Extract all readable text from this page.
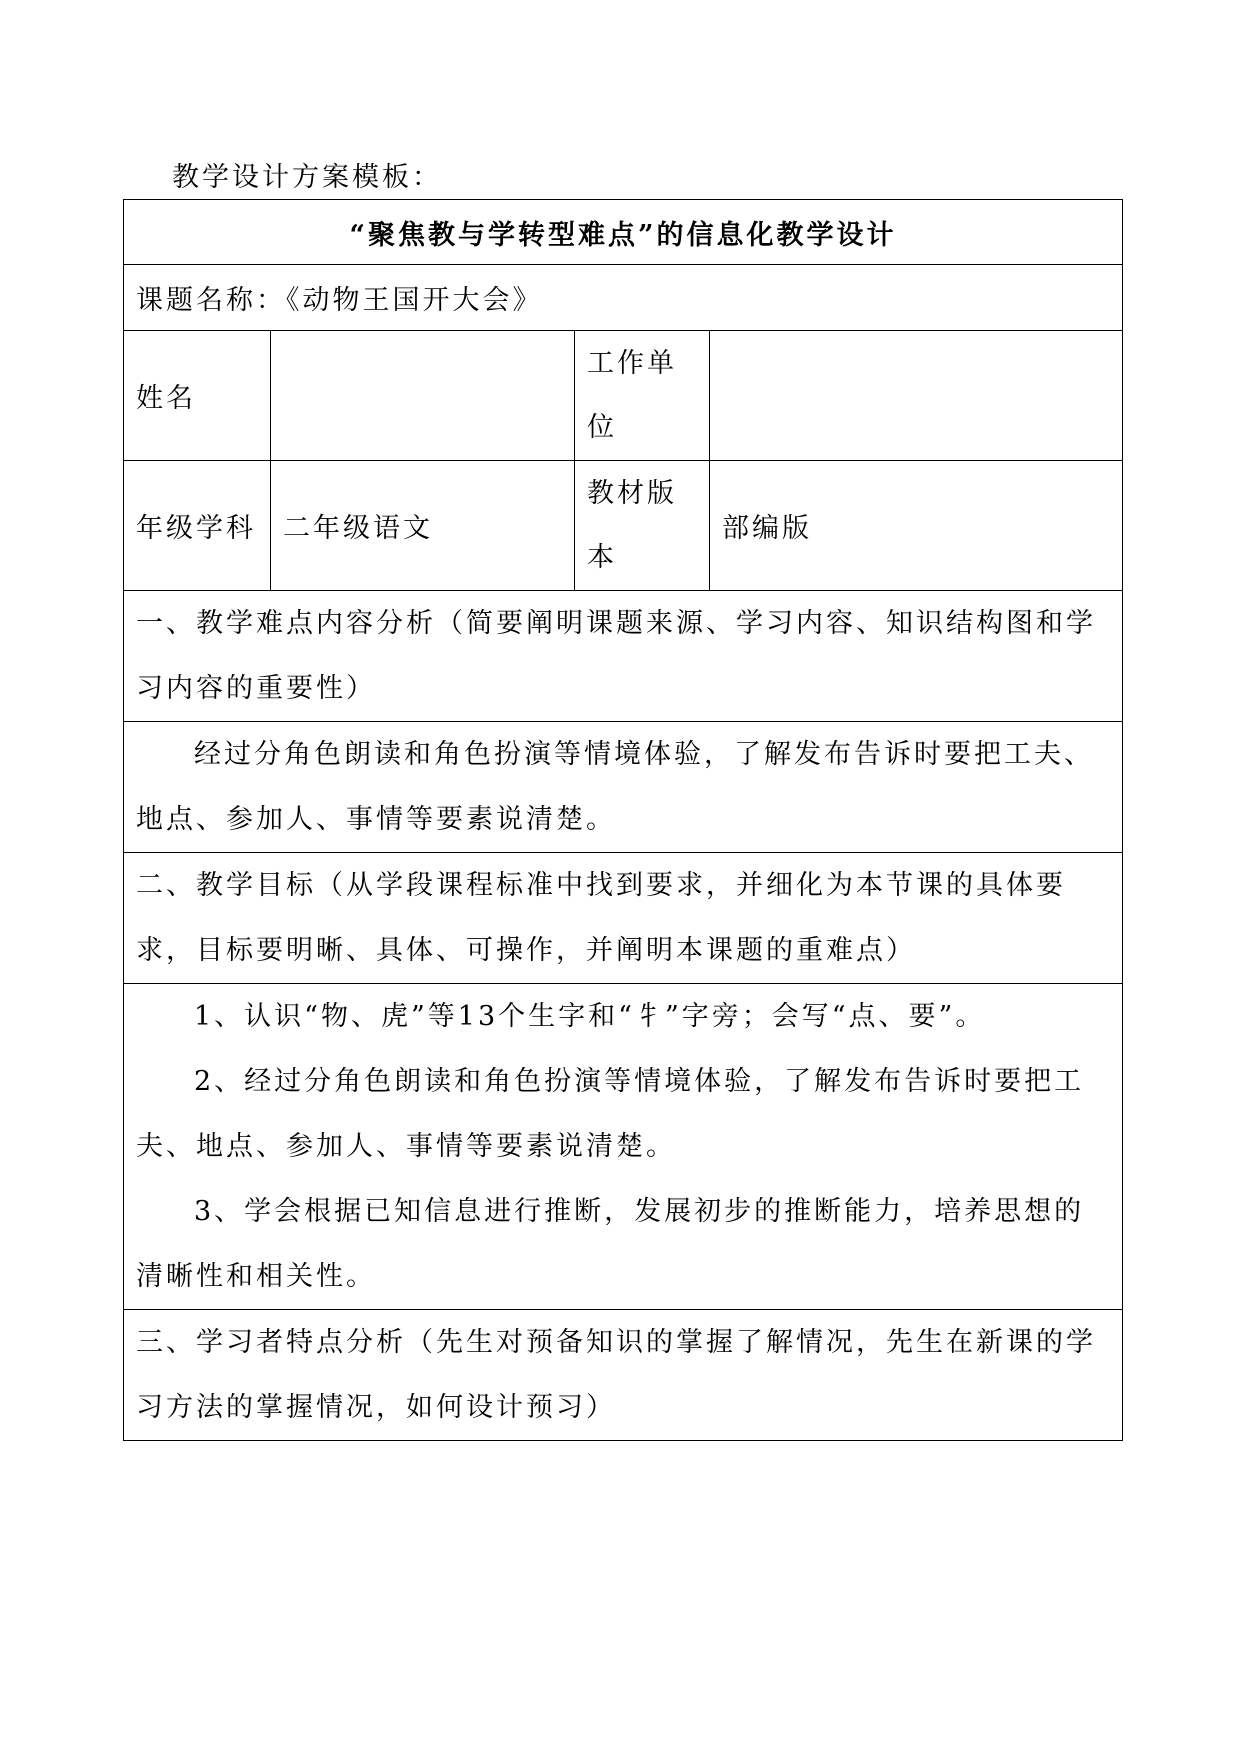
教学设计方案模板：
“聚焦教与学转型难点”的信息化教学设计			
课题名称：《动物王国开大会》			
姓名		工作单位	
年级学科	二年级语文	教材版本	部编版
一、教学难点内容分析（简要阐明课题来源、学习内容、知识结构图和学习内容的重要性）			

经过分角色朗读和角色扮演等情境体验，了解发布告诉时要把工夫、地点、参加人、事情等要素说清楚。			

二、教学目标（从学段课程标准中找到要求，并细化为本节课的具体要求，目标要明晰、具体、可操作，并阐明本课题的重难点）			

1、认识“物、虎”等13个生字和“牜”字旁；会写“点、要”。

2、经过分角色朗读和角色扮演等情境体验，了解发布告诉时要把工夫、地点、参加人、事情等要素说清楚。

3、学会根据已知信息进行推断，发展初步的推断能力，培养思想的清晰性和相关性。			

三、学习者特点分析（先生对预备知识的掌握了解情况，先生在新课的学习方法的掌握情况，如何设计预习）			
